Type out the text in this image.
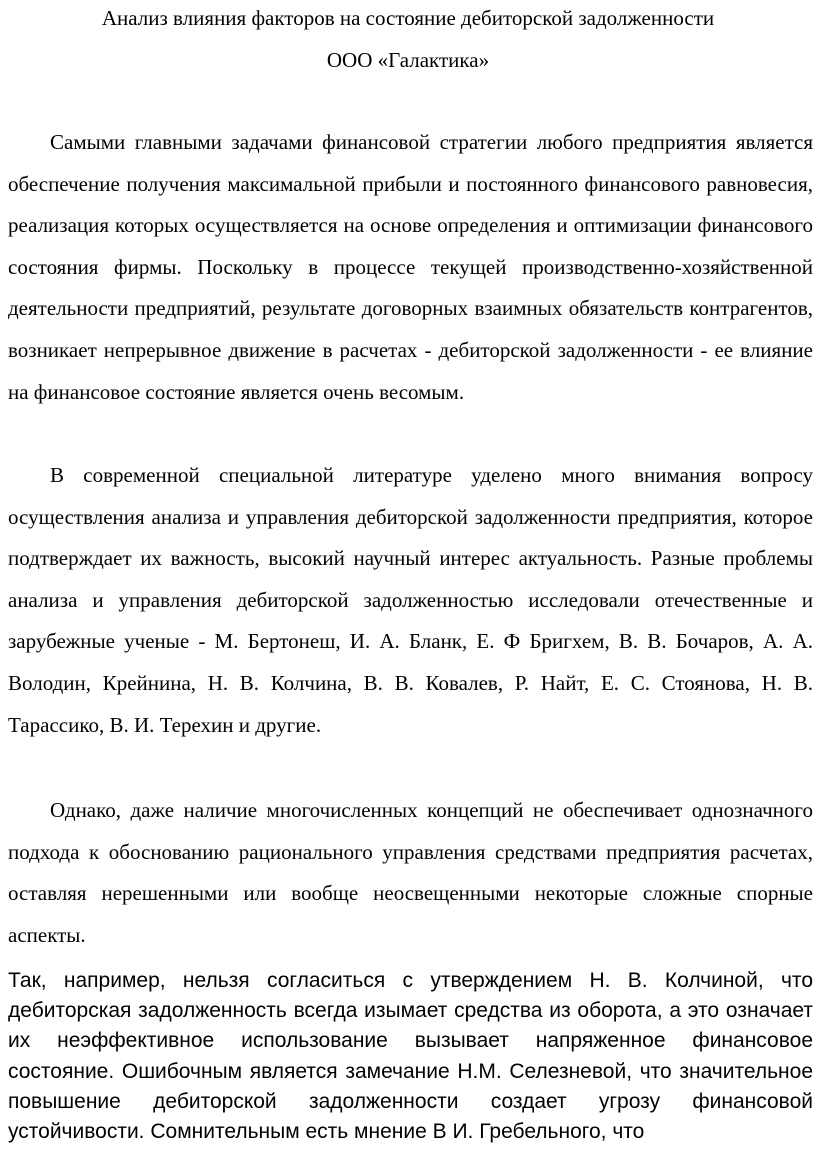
Анализ влияния факторов на состояние дебиторской задолженности
ООО «Галактика»

Самыми главными задачами финансовой стратегии любого предприятия является обеспечение получения максимальной прибыли и постоянного финансового равновесия, реализация которых осуществляется на основе определения и оптимизации финансового состояния фирмы. Поскольку в процессе текущей производственно-хозяйственной деятельности предприятий, результате договорных взаимных обязательств контрагентов, возникает непрерывное движение в расчетах - дебиторской задолженности - ее влияние на финансовое состояние является очень весомым.

В современной специальной литературе уделено много внимания вопросу осуществления анализа и управления дебиторской задолженности предприятия, которое подтверждает их важность, высокий научный интерес актуальность. Разные проблемы анализа и управления дебиторской задолженностью исследовали отечественные и зарубежные ученые - М. Бертонеш, И. А. Бланк, Е. Ф Бригхем, В. В. Бочаров, А. А. Володин, Крейнина, Н. В. Колчина, В. В. Ковалев, Р. Найт, Е. С. Стоянова, Н. В. Тарассико, В. И. Терехин и другие.

Однако, даже наличие многочисленных концепций не обеспечивает однозначного подхода к обоснованию рационального управления средствами предприятия расчетах, оставляя нерешенными или вообще неосвещенными некоторые сложные спорные аспекты.

Так, например, нельзя согласиться с утверждением Н. В. Колчиной, что дебиторская задолженность всегда изымает средства из оборота, а это означает их неэффективное использование вызывает напряженное финансовое состояние. Ошибочным является замечание Н.М. Селезневой, что значительное повышение дебиторской задолженности создает угрозу финансовой устойчивости. Сомнительным есть мнение В И. Гребельного, что
